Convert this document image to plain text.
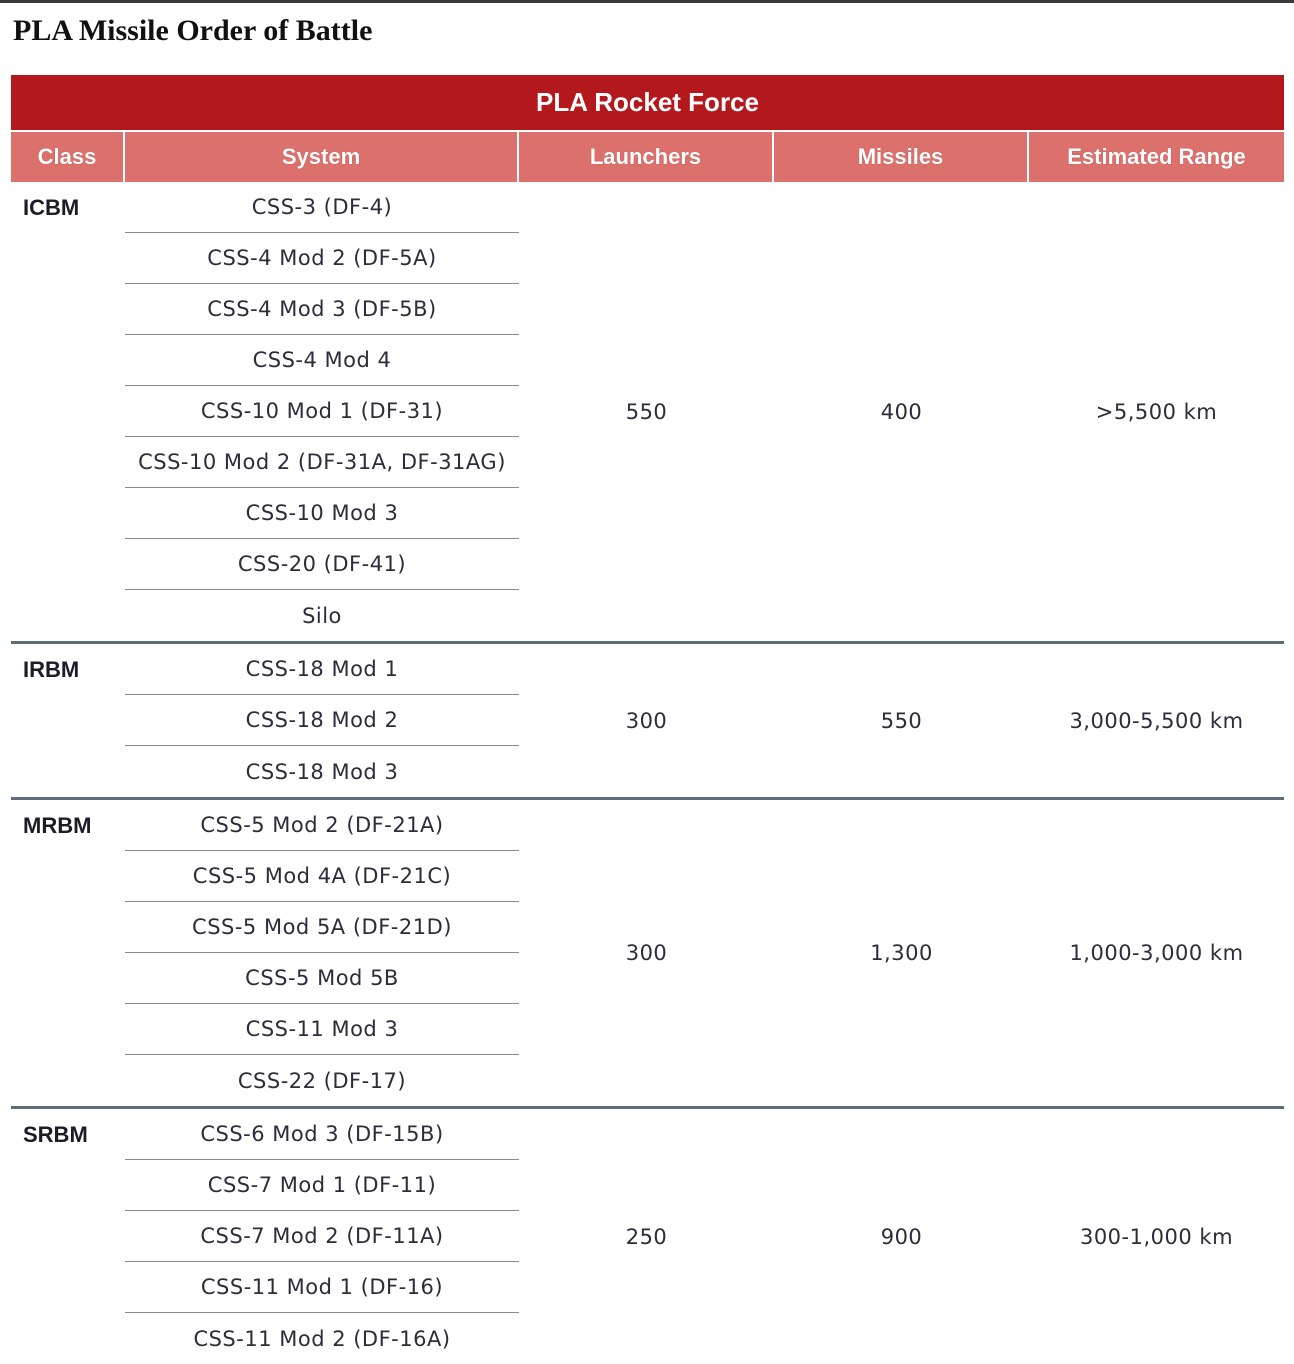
PLA Missile Order of Battle
PLA Rocket Force
Class	System	Launchers	Missiles	Estimated Range
ICBM	CSS-3 (DF-4)
CSS-4 Mod 2 (DF-5A)
CSS-4 Mod 3 (DF-5B)
CSS-4 Mod 4
CSS-10 Mod 1 (DF-31)
CSS-10 Mod 2 (DF-31A, DF-31AG)
CSS-10 Mod 3
CSS-20 (DF-41)
Silo
550	400	>5,500 km
IRBM	CSS-18 Mod 1
CSS-18 Mod 2
CSS-18 Mod 3
300	550	3,000-5,500 km
MRBM	CSS-5 Mod 2 (DF-21A)
CSS-5 Mod 4A (DF-21C)
CSS-5 Mod 5A (DF-21D)
CSS-5 Mod 5B
CSS-11 Mod 3
CSS-22 (DF-17)
300	1,300	1,000-3,000 km
SRBM	CSS-6 Mod 3 (DF-15B)
CSS-7 Mod 1 (DF-11)
CSS-7 Mod 2 (DF-11A)
CSS-11 Mod 1 (DF-16)
CSS-11 Mod 2 (DF-16A)
250	900	300-1,000 km
